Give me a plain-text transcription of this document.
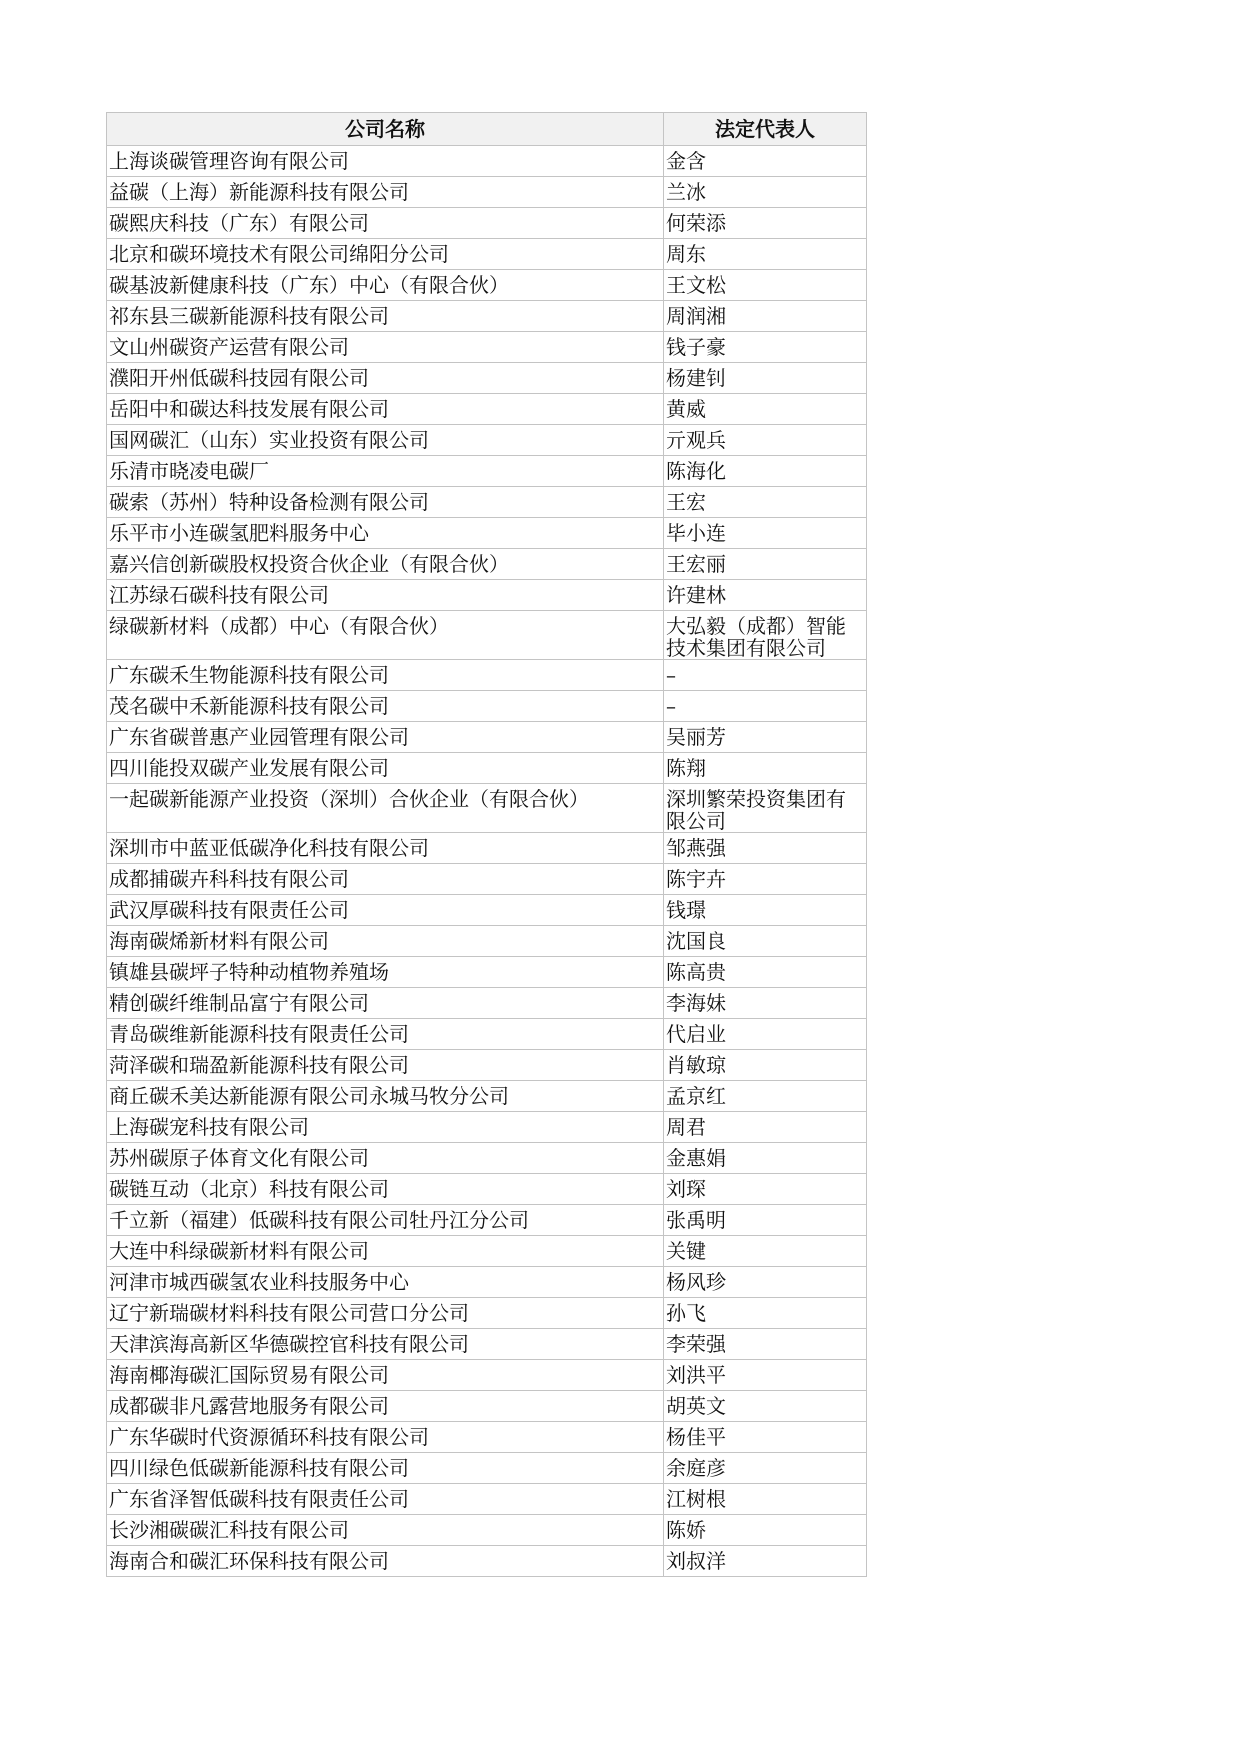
公司名称	法定代表人
上海谈碳管理咨询有限公司	金含
益碳（上海）新能源科技有限公司	兰冰
碳熙庆科技（广东）有限公司	何荣添
北京和碳环境技术有限公司绵阳分公司	周东
碳基波新健康科技（广东）中心（有限合伙）	王文松
祁东县三碳新能源科技有限公司	周润湘
文山州碳资产运营有限公司	钱子豪
濮阳开州低碳科技园有限公司	杨建钊
岳阳中和碳达科技发展有限公司	黄威
国网碳汇（山东）实业投资有限公司	亓观兵
乐清市晓凌电碳厂	陈海化
碳索（苏州）特种设备检测有限公司	王宏
乐平市小连碳氢肥料服务中心	毕小连
嘉兴信创新碳股权投资合伙企业（有限合伙）	王宏丽
江苏绿石碳科技有限公司	许建林
绿碳新材料（成都）中心（有限合伙）	大弘毅（成都）智能技术集团有限公司
广东碳禾生物能源科技有限公司	–
茂名碳中禾新能源科技有限公司	–
广东省碳普惠产业园管理有限公司	吴丽芳
四川能投双碳产业发展有限公司	陈翔
一起碳新能源产业投资（深圳）合伙企业（有限合伙）	深圳繁荣投资集团有限公司
深圳市中蓝亚低碳净化科技有限公司	邹燕强
成都捕碳卉科科技有限公司	陈宇卉
武汉厚碳科技有限责任公司	钱璟
海南碳烯新材料有限公司	沈国良
镇雄县碳坪子特种动植物养殖场	陈高贵
精创碳纤维制品富宁有限公司	李海妹
青岛碳维新能源科技有限责任公司	代启业
菏泽碳和瑞盈新能源科技有限公司	肖敏琼
商丘碳禾美达新能源有限公司永城马牧分公司	孟京红
上海碳宠科技有限公司	周君
苏州碳原子体育文化有限公司	金惠娟
碳链互动（北京）科技有限公司	刘琛
千立新（福建）低碳科技有限公司牡丹江分公司	张禹明
大连中科绿碳新材料有限公司	关键
河津市城西碳氢农业科技服务中心	杨风珍
辽宁新瑞碳材料科技有限公司营口分公司	孙飞
天津滨海高新区华德碳控官科技有限公司	李荣强
海南椰海碳汇国际贸易有限公司	刘洪平
成都碳非凡露营地服务有限公司	胡英文
广东华碳时代资源循环科技有限公司	杨佳平
四川绿色低碳新能源科技有限公司	余庭彦
广东省泽智低碳科技有限责任公司	江树根
长沙湘碳碳汇科技有限公司	陈娇
海南合和碳汇环保科技有限公司	刘叔洋
